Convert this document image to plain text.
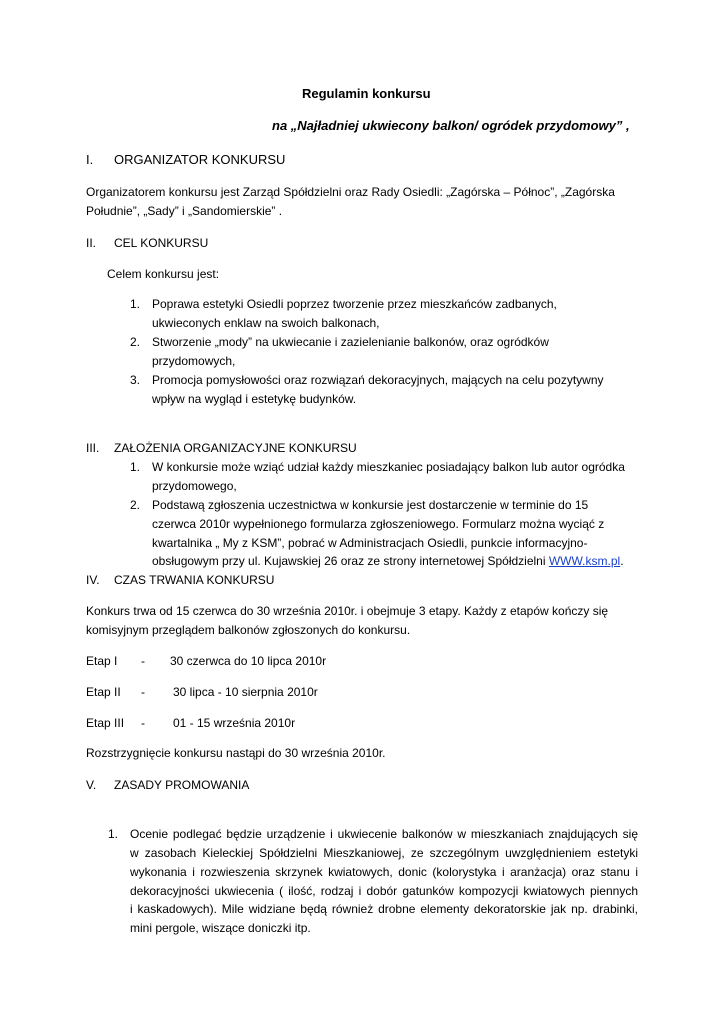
Regulamin konkursu
na „Najładniej ukwiecony balkon/ ogródek przydomowy” ,
I. ORGANIZATOR KONKURSU
Organizatorem konkursu jest Zarząd Spółdzielni oraz Rady Osiedli: „Zagórska – Północ”, „Zagórska
Południe”, „Sady” i „Sandomierskie” .
II. CEL KONKURSU
Celem konkursu jest:
1. Poprawa estetyki Osiedli poprzez tworzenie przez mieszkańców zadbanych,
ukwieconych enklaw na swoich balkonach,
2. Stworzenie „mody” na ukwiecanie i zazielenianie balkonów, oraz ogródków
przydomowych,
3. Promocja pomysłowości oraz rozwiązań dekoracyjnych, mających na celu pozytywny
wpływ na wygląd i estetykę budynków.
III. ZAŁOŻENIA ORGANIZACYJNE KONKURSU
1. W konkursie może wziąć udział każdy mieszkaniec posiadający balkon lub autor ogródka
przydomowego,
2. Podstawą zgłoszenia uczestnictwa w konkursie jest dostarczenie w terminie do 15
czerwca 2010r wypełnionego formularza zgłoszeniowego. Formularz można wyciąć z
kwartalnika „ My z KSM”, pobrać w Administracjach Osiedli, punkcie informacyjno-
obsługowym przy ul. Kujawskiej 26 oraz ze strony internetowej Spółdzielni WWW.ksm.pl.
IV. CZAS TRWANIA KONKURSU
Konkurs trwa od 15 czerwca do 30 września 2010r. i obejmuje 3 etapy. Każdy z etapów kończy się
komisyjnym przeglądem balkonów zgłoszonych do konkursu.
Etap I - 30 czerwca do 10 lipca 2010r
Etap II - 30 lipca - 10 sierpnia 2010r
Etap III - 01 - 15 września 2010r
Rozstrzygnięcie konkursu nastąpi do 30 września 2010r.
V. ZASADY PROMOWANIA
1. Ocenie podlegać będzie urządzenie i ukwiecenie balkonów w mieszkaniach znajdujących się
w zasobach Kieleckiej Spółdzielni Mieszkaniowej, ze szczególnym uwzględnieniem estetyki
wykonania i rozwieszenia skrzynek kwiatowych, donic (kolorystyka i aranżacja) oraz stanu i
dekoracyjności ukwiecenia ( ilość, rodzaj i dobór gatunków kompozycji kwiatowych piennych
i kaskadowych). Mile widziane będą również drobne elementy dekoratorskie jak np. drabinki,
mini pergole, wiszące doniczki itp.
